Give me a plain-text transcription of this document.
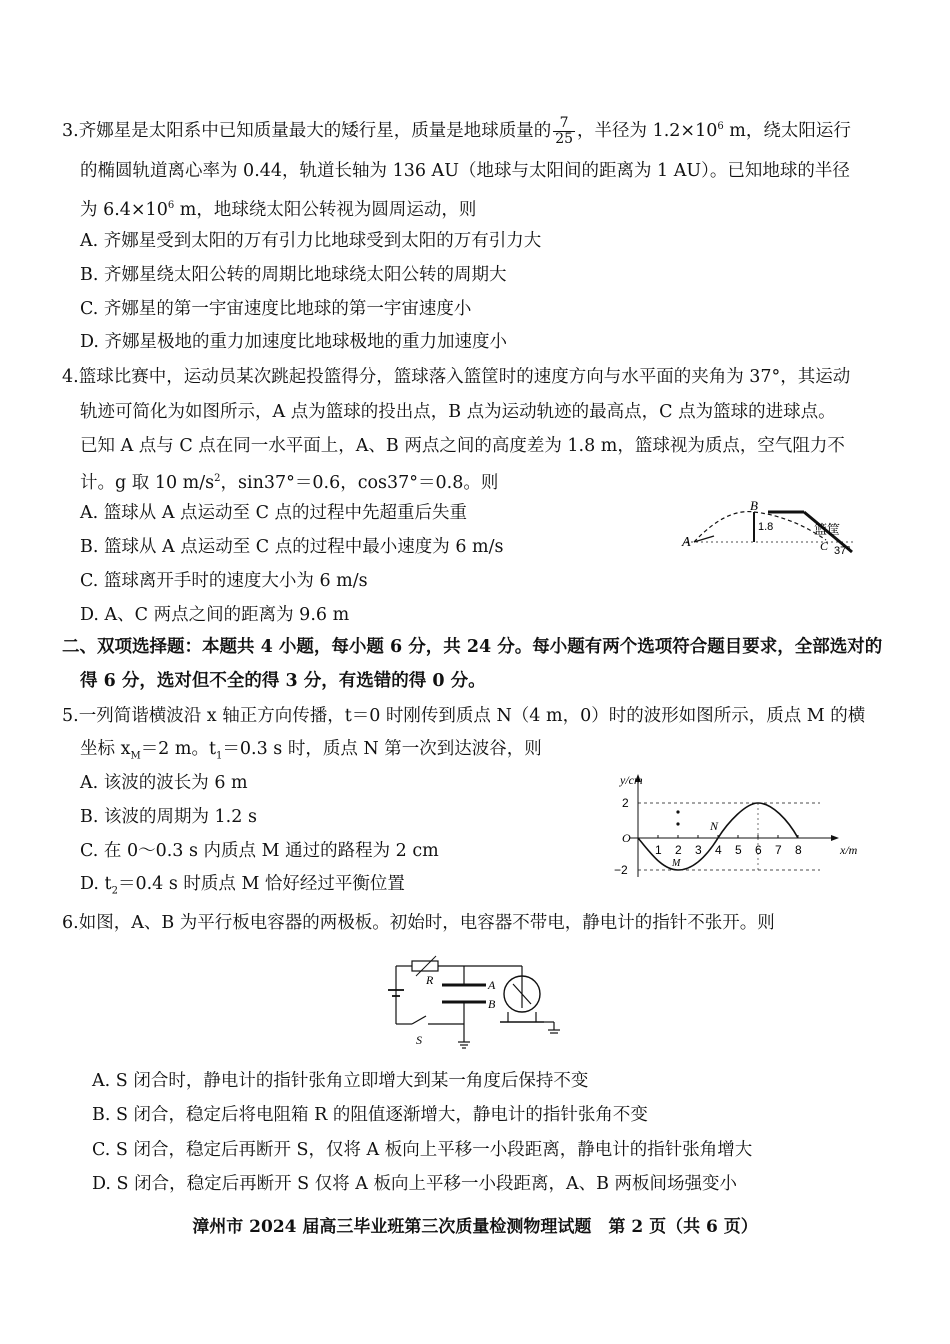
3.齐娜星是太阳系中已知质量最大的矮行星，质量是地球质量的 $\frac{7}{25}$ ，半径为 $1.2\times 10^6$ m，绕太阳运行
的椭圆轨道离心率为 0.44，轨道长轴为 136 AU（地球与太阳间的距离为 1 AU）。已知地球的半径
为 $6.4\times 10^6$ m，地球绕太阳公转视为圆周运动，则
A. 齐娜星受到太阳的万有引力比地球受到太阳的万有引力大
B. 齐娜星绕太阳公转的周期比地球绕太阳公转的周期大
C. 齐娜星的第一宇宙速度比地球的第一宇宙速度小
D. 齐娜星极地的重力加速度比地球极地的重力加速度小
4.篮球比赛中，运动员某次跳起投篮得分，篮球落入篮筐时的速度方向与水平面的夹角为 37°，其运动
轨迹可简化为如图所示，A 点为篮球的投出点，B 点为运动轨迹的最高点，C 点为篮球的进球点。
已知 A 点与 C 点在同一水平面上，A、B 两点之间的高度差为 1.8 m，篮球视为质点，空气阻力不
计。g 取 10 $m/s^2$，sin37°＝0.6，cos37°＝0.8。则
A. 篮球从 A 点运动至 C 点的过程中先超重后失重
B. 篮球从 A 点运动至 C 点的过程中最小速度为 6 m/s
C. 篮球离开手时的速度大小为 6 m/s
D. A、C 两点之间的距离为 9.6 m
A
B
1.8	篮筐
C 37°
二、双项选择题：本题共 4 小题，每小题 6 分，共 24 分。每小题有两个选项符合题目要求，全部选对的
得 6 分，选对但不全的得 3 分，有选错的得 0 分。
5.一列简谐横波沿 x 轴正方向传播，t＝0 时刚传到质点 N（4 m，0）时的波形如图所示，质点 M 的横
坐标 $x_M=2$ m。$t_1=0.3$ s 时，质点 N 第一次到达波谷，则
A. 该波的波长为 6 m
B. 该波的周期为 1.2 s
C. 在 0～0.3 s 内质点 M 通过的路程为 2 cm
D. $t_2=0.4$ s 时质点 M 恰好经过平衡位置
y/cm
x/m
2
−2
O
N
M
1 2 3 4 5 6 7 8
6.如图，A、B 为平行板电容器的两极板。初始时，电容器不带电，静电计的指针不张开。则
R	A
B
S
A. S 闭合时，静电计的指针张角立即增大到某一角度后保持不变
B. S 闭合，稳定后将电阻箱 R 的阻值逐渐增大，静电计的指针张角不变
C. S 闭合，稳定后再断开 S，仅将 A 板向上平移一小段距离，静电计的指针张角增大
D. S 闭合，稳定后再断开 S 仅将 A 板向上平移一小段距离，A、B 两板间场强变小
漳州市 2024 届高三毕业班第三次质量检测物理试题　第 2 页（共 6 页）
